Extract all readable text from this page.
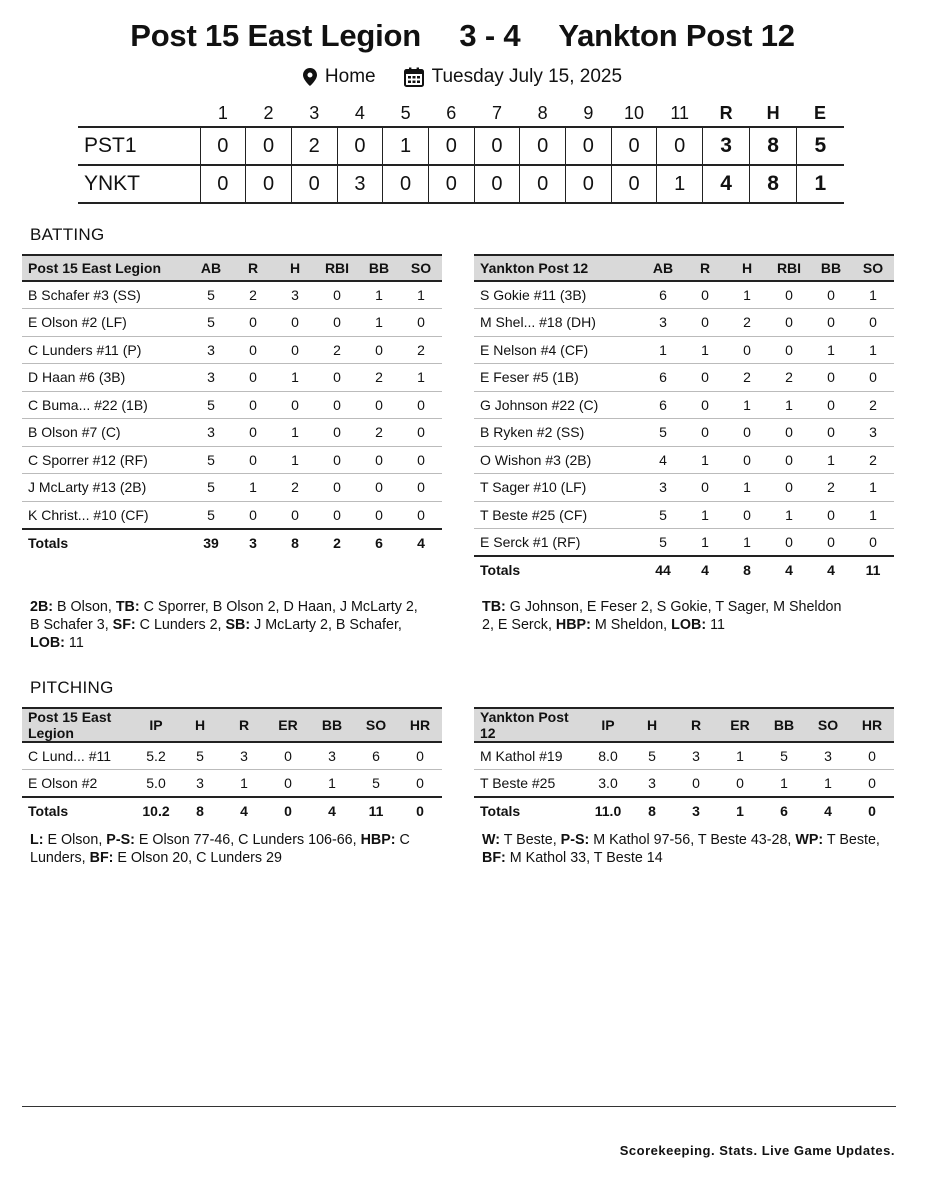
Post 15 East Legion 3 - 4 Yankton Post 12
Home	Tuesday July 15, 2025
	1	2	3	4	5	6	7	8	9	10	11	R	H	E
PST1	0	0	2	0	1	0	0	0	0	0	0	3	8	5
YNKT	0	0	0	3	0	0	0	0	0	0	1	4	8	1
BATTING
Post 15 East Legion	AB	R	H	RBI	BB	SO
B Schafer #3 (SS)	5	2	3	0	1	1
E Olson #2 (LF)	5	0	0	0	1	0
C Lunders #11 (P)	3	0	0	2	0	2
D Haan #6 (3B)	3	0	1	0	2	1
C Buma... #22 (1B)	5	0	0	0	0	0
B Olson #7 (C)	3	0	1	0	2	0
C Sporrer #12 (RF)	5	0	1	0	0	0
J McLarty #13 (2B)	5	1	2	0	0	0
K Christ... #10 (CF)	5	0	0	0	0	0
Totals	39	3	8	2	6	4
Yankton Post 12	AB	R	H	RBI	BB	SO
S Gokie #11 (3B)	6	0	1	0	0	1
M Shel... #18 (DH)	3	0	2	0	0	0
E Nelson #4 (CF)	1	1	0	0	1	1
E Feser #5 (1B)	6	0	2	2	0	0
G Johnson #22 (C)	6	0	1	1	0	2
B Ryken #2 (SS)	5	0	0	0	0	3
O Wishon #3 (2B)	4	1	0	0	1	2
T Sager #10 (LF)	3	0	1	0	2	1
T Beste #25 (CF)	5	1	0	1	0	1
E Serck #1 (RF)	5	1	1	0	0	0
Totals	44	4	8	4	4	11
2B: B Olson, TB: C Sporrer, B Olson 2, D Haan, J McLarty 2, B Schafer 3, SF: C Lunders 2, SB: J McLarty 2, B Schafer, LOB: 11
TB: G Johnson, E Feser 2, S Gokie, T Sager, M Sheldon 2, E Serck, HBP: M Sheldon, LOB: 11
PITCHING
Post 15 East Legion	IP	H	R	ER	BB	SO	HR
C Lund... #11	5.2	5	3	0	3	6	0
E Olson #2	5.0	3	1	0	1	5	0
Totals	10.2	8	4	0	4	11	0
Yankton Post 12	IP	H	R	ER	BB	SO	HR
M Kathol #19	8.0	5	3	1	5	3	0
T Beste #25	3.0	3	0	0	1	1	0
Totals	11.0	8	3	1	6	4	0
L: E Olson, P-S: E Olson 77-46, C Lunders 106-66, HBP: C Lunders, BF: E Olson 20, C Lunders 29
W: T Beste, P-S: M Kathol 97-56, T Beste 43-28, WP: T Beste, BF: M Kathol 33, T Beste 14
Scorekeeping. Stats. Live Game Updates.
